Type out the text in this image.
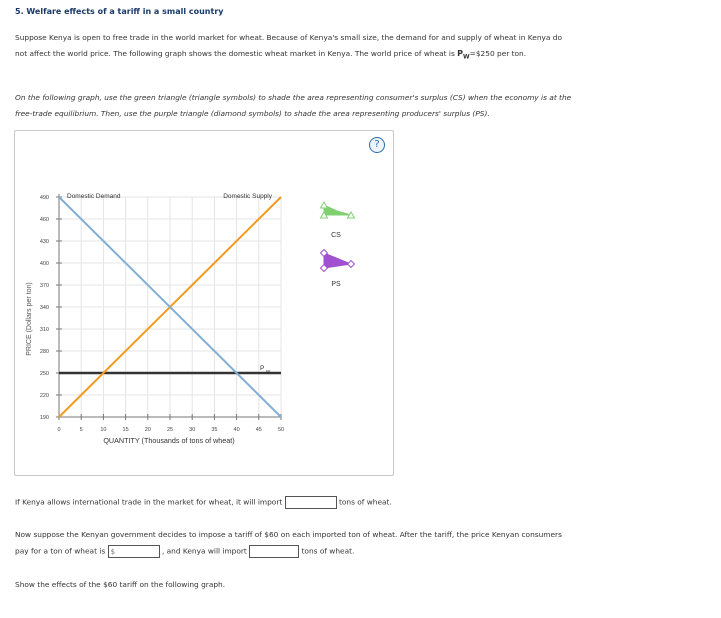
5. Welfare effects of a tariff in a small country
Suppose Kenya is open to free trade in the world market for wheat. Because of Kenya's small size, the demand for and supply of wheat in Kenya do
not affect the world price. The following graph shows the domestic wheat market in Kenya. The world price of wheat is $P_W=\$250$ per ton.
On the following graph, use the green triangle (triangle symbols) to shade the area representing consumer's surplus (CS) when the economy is at the
free-trade equilibrium. Then, use the purple triangle (diamond symbols) to shade the area representing producers' surplus (PS).
?
190
220
250
280
310
340
370
400
430
460
490
0	5	10	15	20	25	30	35	40	45	50
Domestic Demand	Domestic Supply
P W
PRICE (Dollars per ton)
QUANTITY (Thousands of tons of wheat)
CS
PS
If Kenya allows international trade in the market for wheat, it will import	tons of wheat.
Now suppose the Kenyan government decides to impose a tariff of $60 on each imported ton of wheat. After the tariff, the price Kenyan consumers
pay for a ton of wheat is $	, and Kenya will import	tons of wheat.
Show the effects of the $60 tariff on the following graph.
